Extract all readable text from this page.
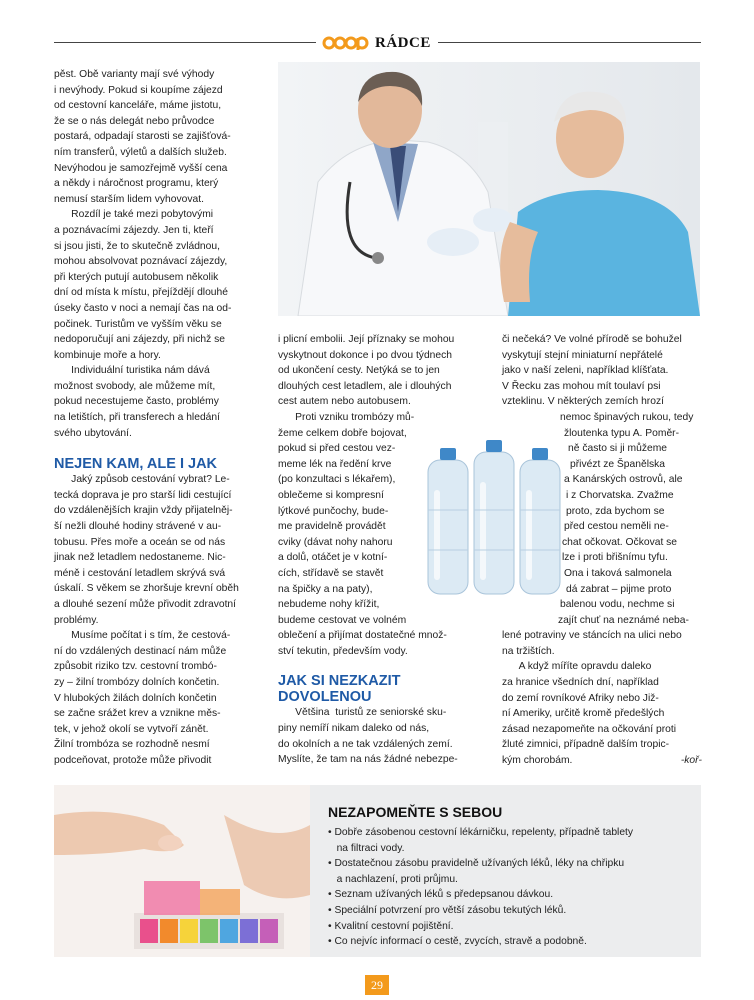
RÁDCE

pěst. Obě varianty mají své výhody

i nevýhody. Pokud si koupíme zájezd

od cestovní kanceláře, máme jistotu,

že se o nás delegát nebo průvodce

postará, odpadají starosti se zajišťová-

ním transferů, výletů a dalších služeb.

Nevýhodou je samozřejmě vyšší cena

a někdy i náročnost programu, který

nemusí starším lidem vyhovovat.

Rozdíl je také mezi pobytovými

a poznávacími zájezdy. Jen ti, kteří

si jsou jisti, že to skutečně zvládnou,

mohou absolvovat poznávací zájezdy,

při kterých putují autobusem několik

dní od místa k místu, přejíždějí dlouhé

úseky často v noci a nemají čas na od-

počinek. Turistům ve vyšším věku se

nedoporučují ani zájezdy, při nichž se

kombinuje moře a hory.

Individuální turistika nám dává

možnost svobody, ale můžeme mít,

pokud necestujeme často, problémy

na letištích, při transferech a hledání

svého ubytování.

NEJEN KAM, ALE I JAK

Jaký způsob cestování vybrat? Le-

tecká doprava je pro starší lidi cestující

do vzdálenějších krajin vždy přijatelněj-

ší nežli dlouhé hodiny strávené v au-

tobusu. Přes moře a oceán se od nás

jinak než letadlem nedostaneme. Nic-

méně i cestování letadlem skrývá svá

úskalí. S věkem se zhoršuje krevní oběh

a dlouhé sezení může přivodit zdravotní

problémy.

Musíme počítat i s tím, že cestová-

ní do vzdálených destinací nám může

způsobit riziko tzv. cestovní trombó-

zy – žilní trombózy dolních končetin.

V hlubokých žilách dolních končetin

se začne srážet krev a vznikne měs-

tek, v jehož okolí se vytvoří zánět.

Žilní trombóza se rozhodně nesmí

podceňovat, protože může přivodit

i plicní embolii. Její příznaky se mohou

vyskytnout dokonce i po dvou týdnech

od ukončení cesty. Netýká se to jen

dlouhých cest letadlem, ale i dlouhých

cest autem nebo autobusem.

Proti vzniku trombózy mů-

žeme celkem dobře bojovat,

pokud si před cestou vez-

meme lék na ředění krve

(po konzultaci s lékařem),

oblečeme si kompresní

lýtkové punčochy, bude-

me pravidelně provádět

cviky (dávat nohy nahoru

a dolů, otáčet je v kotní-

cích, střídavě se stavět

na špičky a na paty),

nebudeme nohy křížit,

budeme cestovat ve volném

oblečení a přijímat dostatečné množ-

ství tekutin, především vody.

JAK SI NEZKAZIT

DOVOLENOU

Většina  turistů ze seniorské sku-

piny nemíří nikam daleko od nás,

do okolních a ne tak vzdálených zemí.

Myslíte, že tam na nás žádné nebezpe-

či nečeká? Ve volné přírodě se bohužel

vyskytují stejní miniaturní nepřátelé

jako v naší zeleni, například klíšťata.

V Řecku zas mohou mít toulaví psi

vzteklinu. V některých zemích hrozí

nemoc špinavých rukou, tedy

žloutenka typu A. Poměr-

ně často si ji můžeme

přivézt ze Španělska

a Kanárských ostrovů, ale

i z Chorvatska. Zvažme

proto, zda bychom se

před cestou neměli ne-

chat očkovat. Očkovat se

lze i proti břišnímu tyfu.

Ona i taková salmonela

dá zabrat – pijme proto

balenou vodu, nechme si

zajít chuť na neznámé neba-

lené potraviny ve stáncích na ulici nebo

na tržištích.

A když míříte opravdu daleko

za hranice všedních dní, například

do zemí rovníkové Afriky nebo Již-

ní Ameriky, určitě kromě předešlých

zásad nezapomeňte na očkování proti

žluté zimnici, případně dalším tropic-

kým chorobám.	-koř-

NEZAPOMEŇTE S SEBOU
• Dobře zásobenou cestovní lékárničku, repelenty, případně tablety
na filtraci vody.
• Dostatečnou zásobu pravidelně užívaných léků, léky na chřipku
a nachlazení, proti průjmu.
• Seznam užívaných léků s předepsanou dávkou.
• Speciální potvrzení pro větší zásobu tekutých léků.
• Kvalitní cestovní pojištění.
• Co nejvíc informací o cestě, zvycích, stravě a podobně.
29
